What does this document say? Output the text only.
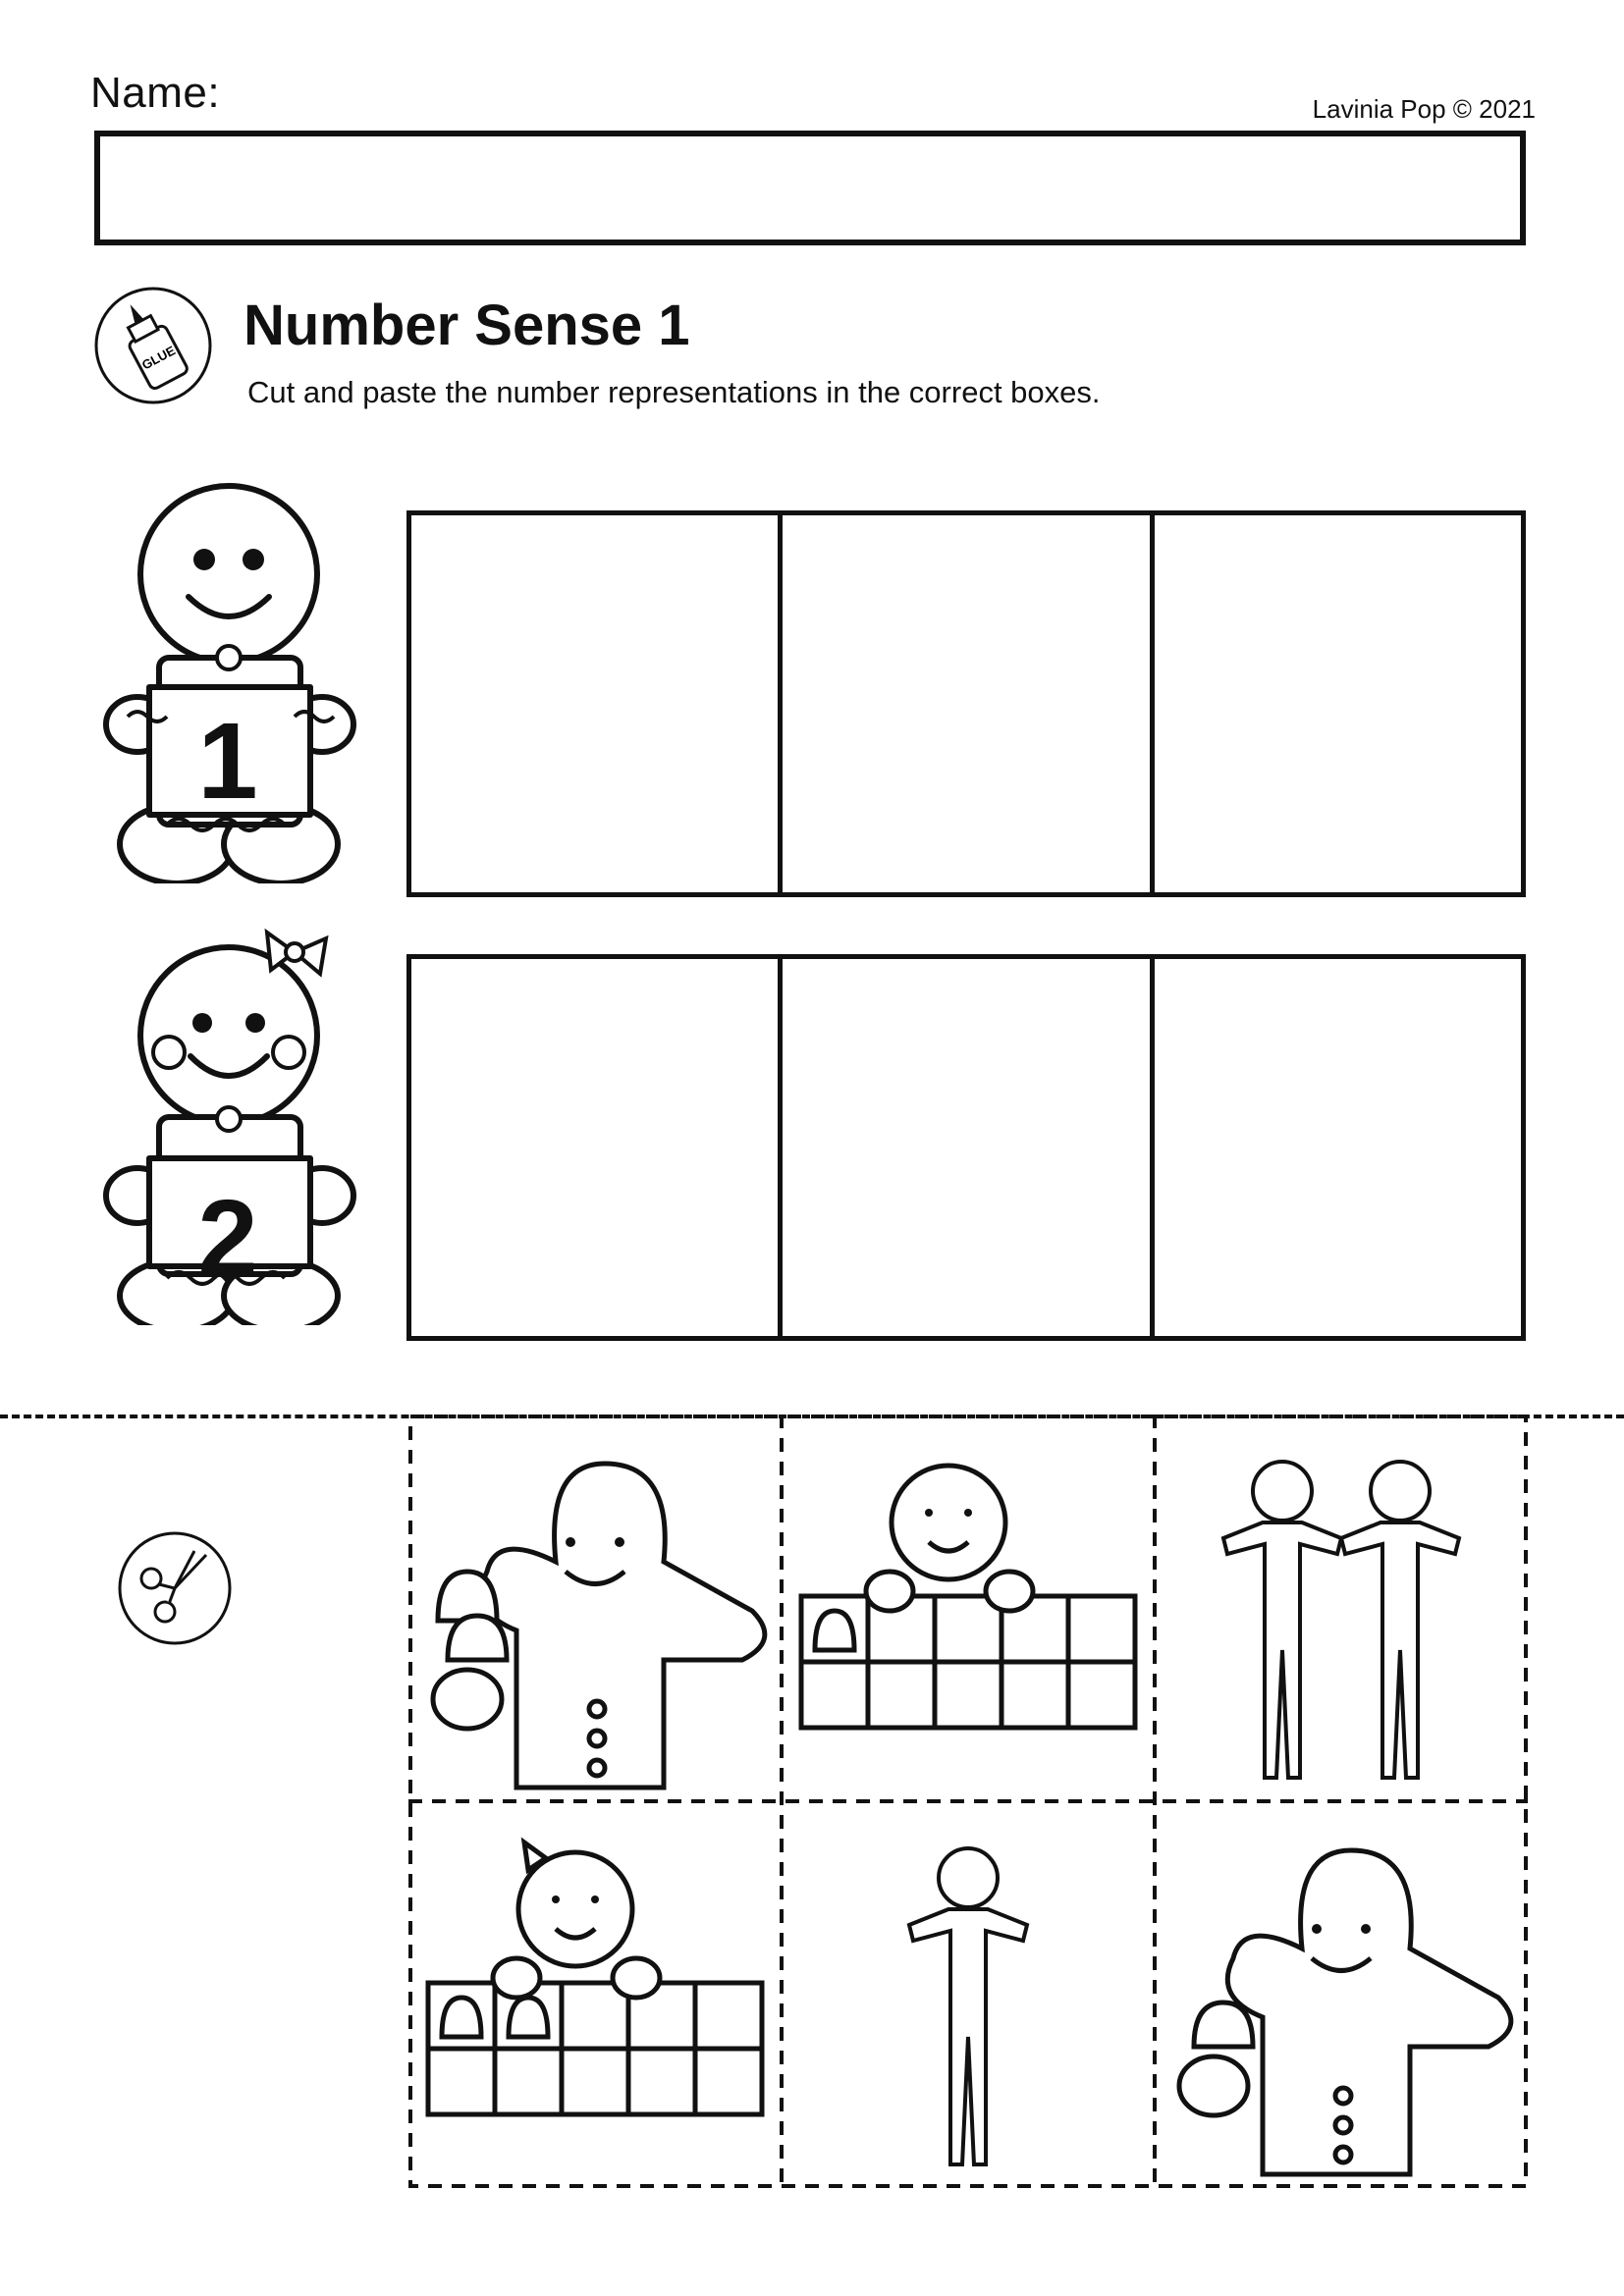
Name:	Lavinia Pop © 2021
GLUE
Number Sense 1
Cut and paste the number representations in the correct boxes.
1
2
